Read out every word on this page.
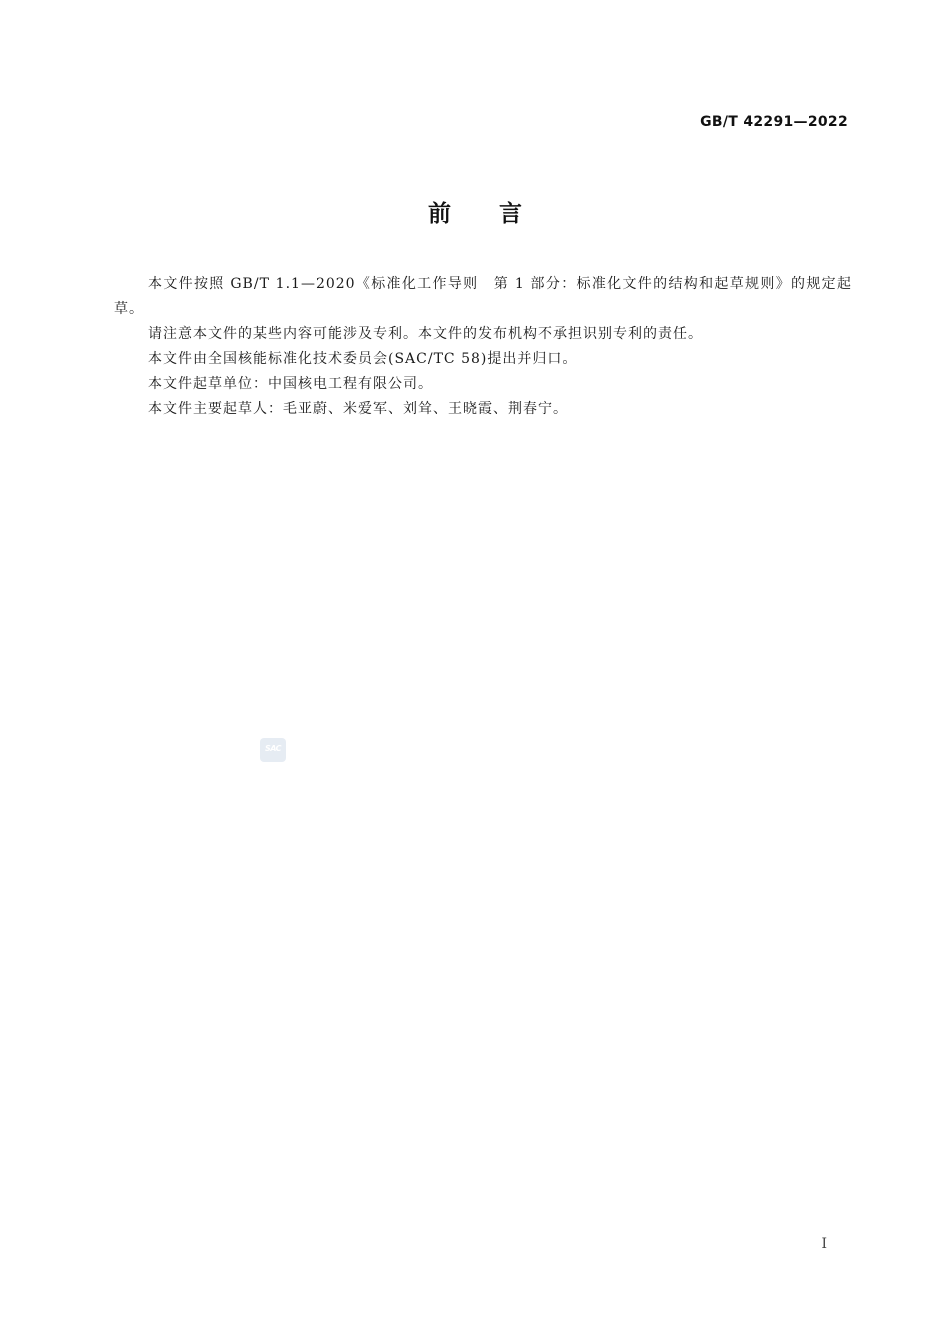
GB/T 42291—2022
前言

本文件按照 GB/T 1.1—2020《标准化工作导则　第 1 部分：标准化文件的结构和起草规则》的规定起草。

请注意本文件的某些内容可能涉及专利。本文件的发布机构不承担识别专利的责任。

本文件由全国核能标准化技术委员会(SAC/TC 58)提出并归口。

本文件起草单位：中国核电工程有限公司。

本文件主要起草人：毛亚蔚、米爱军、刘耸、王晓霞、荆春宁。

SAC
I
